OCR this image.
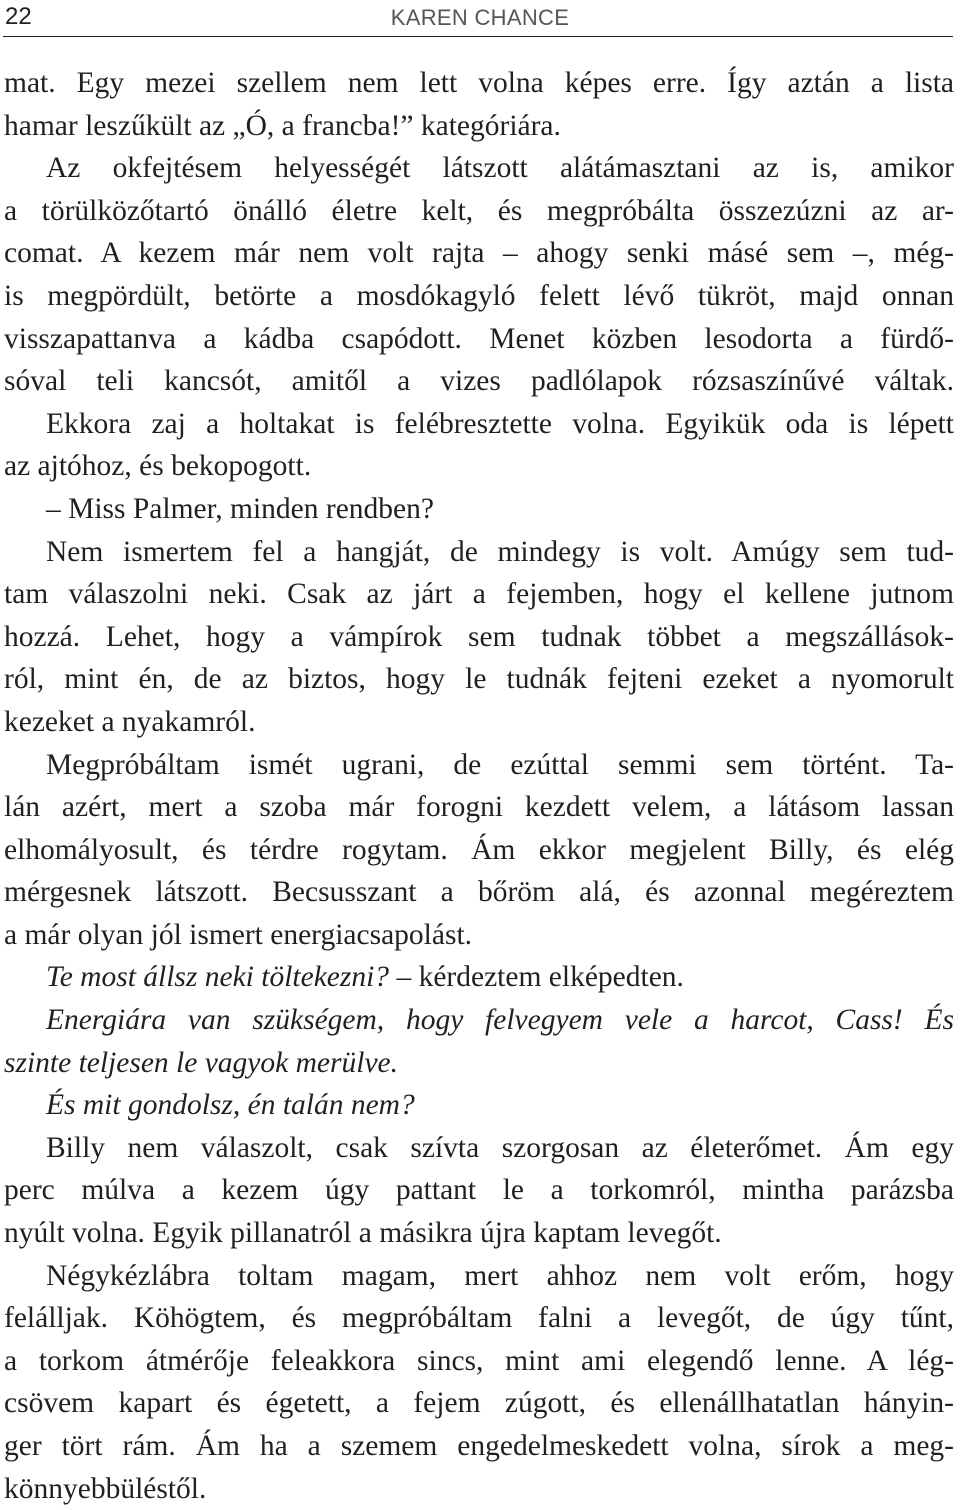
22	KAREN CHANCE
mat. Egy mezei szellem nem lett volna képes erre. Így aztán a lista
hamar leszűkült az „Ó, a francba!” kategóriára.
Az okfejtésem helyességét látszott alátámasztani az is, amikor
a törülközőtartó önálló életre kelt, és megpróbálta összezúzni az ar-
comat. A kezem már nem volt rajta – ahogy senki másé sem –, még-
is megpördült, betörte a mosdókagyló felett lévő tükröt, majd onnan
visszapattanva a kádba csapódott. Menet közben lesodorta a fürdő-
sóval teli kancsót, amitől a vizes padlólapok rózsaszínűvé váltak.
Ekkora zaj a holtakat is felébresztette volna. Egyikük oda is lépett
az ajtóhoz, és bekopogott.
– Miss Palmer, minden rendben?
Nem ismertem fel a hangját, de mindegy is volt. Amúgy sem tud-
tam válaszolni neki. Csak az járt a fejemben, hogy el kellene jutnom
hozzá. Lehet, hogy a vámpírok sem tudnak többet a megszállások-
ról, mint én, de az biztos, hogy le tudnák fejteni ezeket a nyomorult
kezeket a nyakamról.
Megpróbáltam ismét ugrani, de ezúttal semmi sem történt. Ta-
lán azért, mert a szoba már forogni kezdett velem, a látásom lassan
elhomályosult, és térdre rogytam. Ám ekkor megjelent Billy, és elég
mérgesnek látszott. Becsusszant a bőröm alá, és azonnal megéreztem
a már olyan jól ismert energiacsapolást.
Te most állsz neki töltekezni? – kérdeztem elképedten.
Energiára van szükségem, hogy felvegyem vele a harcot, Cass! És
szinte teljesen le vagyok merülve.
És mit gondolsz, én talán nem?
Billy nem válaszolt, csak szívta szorgosan az életerőmet. Ám egy
perc múlva a kezem úgy pattant le a torkomról, mintha parázsba
nyúlt volna. Egyik pillanatról a másikra újra kaptam levegőt.
Négykézlábra toltam magam, mert ahhoz nem volt erőm, hogy
felálljak. Köhögtem, és megpróbáltam falni a levegőt, de úgy tűnt,
a torkom átmérője feleakkora sincs, mint ami elegendő lenne. A lég-
csövem kapart és égetett, a fejem zúgott, és ellenállhatatlan hányin-
ger tört rám. Ám ha a szemem engedelmeskedett volna, sírok a meg-
könnyebbüléstől.
